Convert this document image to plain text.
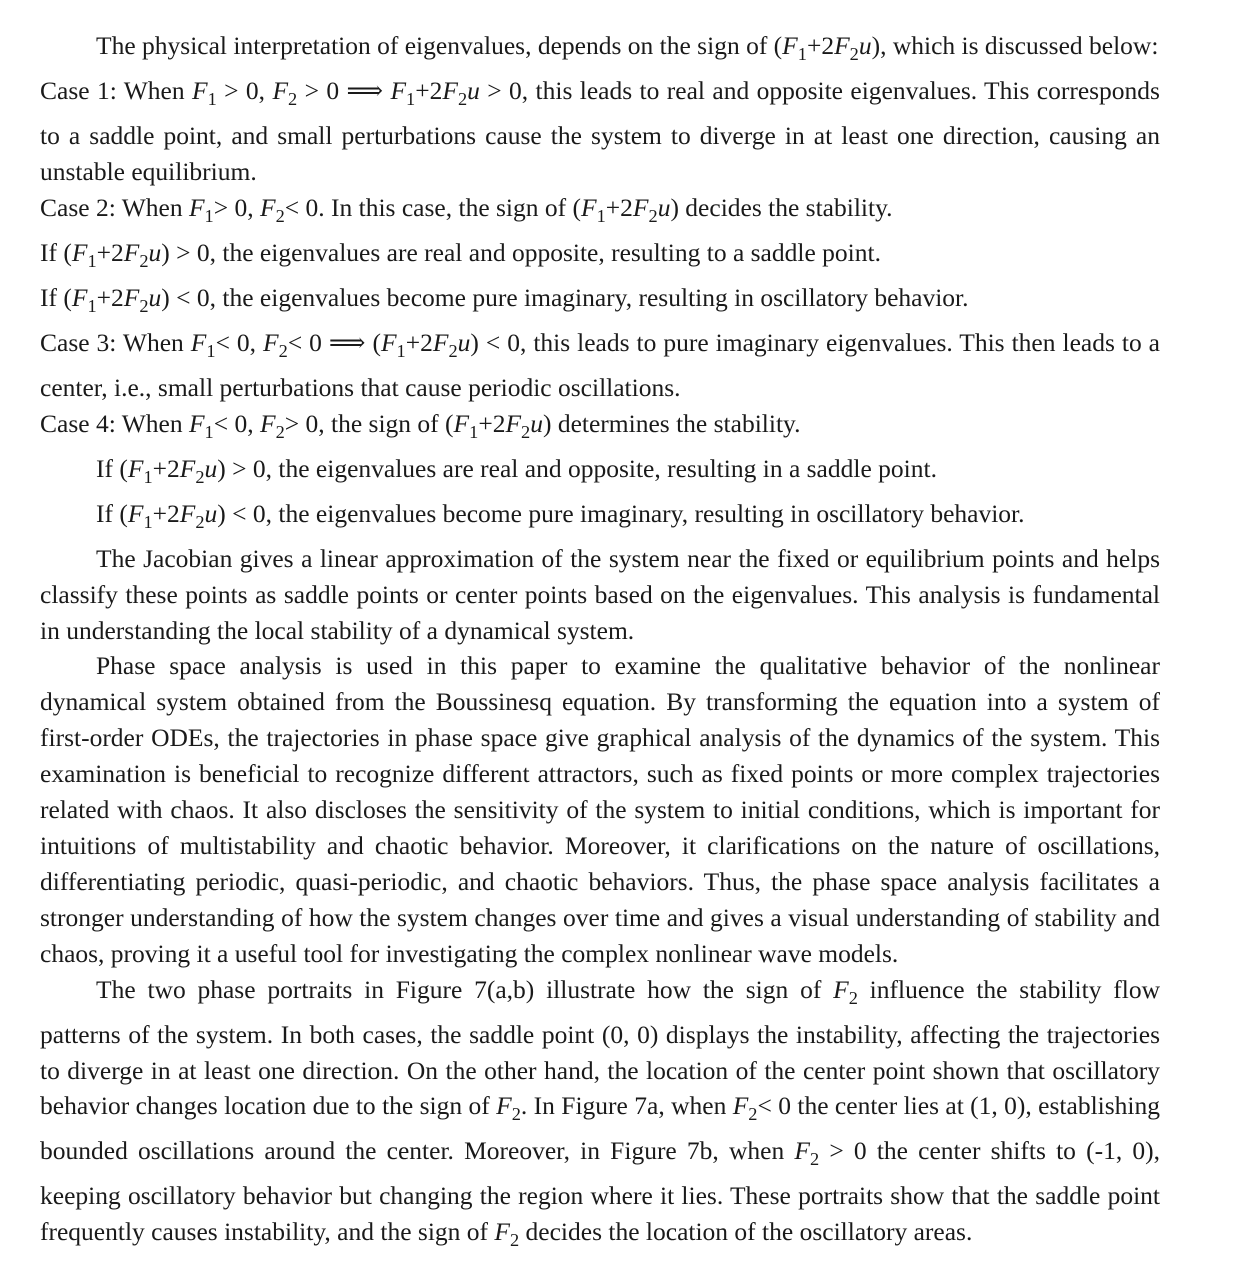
The physical interpretation of eigenvalues, depends on the sign of $(F_1+2F_2u)$, which is discussed below:

Case 1: When $F_1 > 0$, $F_2 > 0$ ⟹ $F_1+2F_2u > 0$, this leads to real and opposite eigenvalues. This corresponds to a saddle point, and small perturbations cause the system to diverge in at least one direction, causing an unstable equilibrium.

Case 2: When $F_1> 0$, $F_2< 0$. In this case, the sign of $(F_1+2F_2u)$ decides the stability.

If $(F_1+2F_2u) > 0$, the eigenvalues are real and opposite, resulting to a saddle point.

If $(F_1+2F_2u) < 0$, the eigenvalues become pure imaginary, resulting in oscillatory behavior.

Case 3: When $F_1< 0$, $F_2< 0$ ⟹ $(F_1+2F_2u) < 0$, this leads to pure imaginary eigenvalues. This then leads to a center, i.e., small perturbations that cause periodic oscillations.

Case 4: When $F_1< 0$, $F_2> 0$, the sign of $(F_1+2F_2u)$ determines the stability.

If $(F_1+2F_2u) > 0$, the eigenvalues are real and opposite, resulting in a saddle point.

If $(F_1+2F_2u) < 0$, the eigenvalues become pure imaginary, resulting in oscillatory behavior.

The Jacobian gives a linear approximation of the system near the fixed or equilibrium points and helps classify these points as saddle points or center points based on the eigenvalues. This analysis is fundamental in understanding the local stability of a dynamical system.

Phase space analysis is used in this paper to examine the qualitative behavior of the nonlinear dynamical system obtained from the Boussinesq equation. By transforming the equation into a system of first-order ODEs, the trajectories in phase space give graphical analysis of the dynamics of the system. This examination is beneficial to recognize different attractors, such as fixed points or more complex trajectories related with chaos. It also discloses the sensitivity of the system to initial conditions, which is important for intuitions of multistability and chaotic behavior. Moreover, it clarifications on the nature of oscillations, differentiating periodic, quasi-periodic, and chaotic behaviors. Thus, the phase space analysis facilitates a stronger understanding of how the system changes over time and gives a visual understanding of stability and chaos, proving it a useful tool for investigating the complex nonlinear wave models.

The two phase portraits in Figure 7(a,b) illustrate how the sign of $F_2$ influence the stability flow patterns of the system. In both cases, the saddle point (0, 0) displays the instability, affecting the trajectories to diverge in at least one direction. On the other hand, the location of the center point shown that oscillatory behavior changes location due to the sign of $F_2$. In Figure 7a, when $F_2< 0$ the center lies at (1, 0), establishing bounded oscillations around the center. Moreover, in Figure 7b, when $F_2 > 0$ the center shifts to (-1, 0), keeping oscillatory behavior but changing the region where it lies. These portraits show that the saddle point frequently causes instability, and the sign of $F_2$ decides the location of the oscillatory areas.
